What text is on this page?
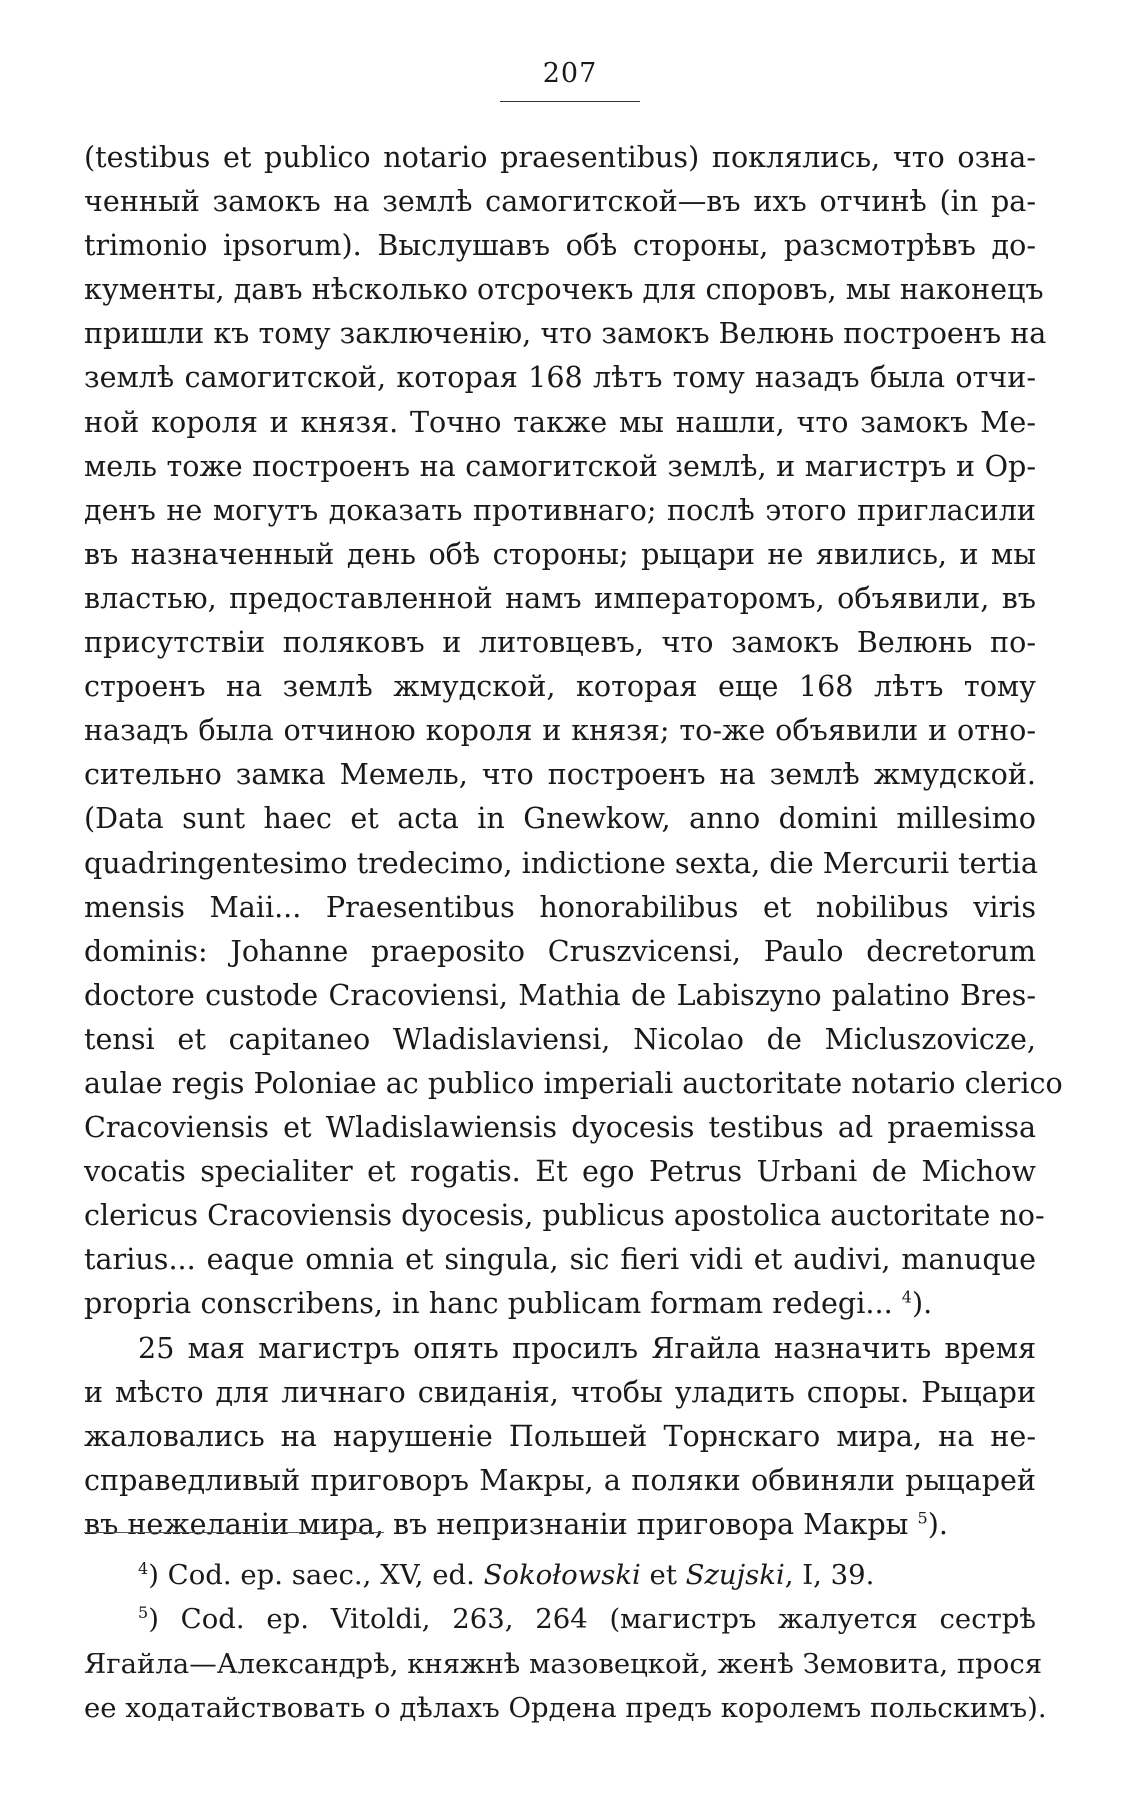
207
(testibus et publico notario praesentibus) поклялись, что озна-
ченный замокъ на землѣ самогитской—въ ихъ отчинѣ (in pa-
trimonio ipsorum). Выслушавъ обѣ стороны, разсмотрѣвъ до-
кументы, давъ нѣсколько отсрочекъ для споровъ, мы наконецъ
пришли къ тому заключенію, что замокъ Велюнь построенъ на
землѣ самогитской, которая 168 лѣтъ тому назадъ была отчи-
ной короля и князя. Точно также мы нашли, что замокъ Ме-
мель тоже построенъ на самогитской землѣ, и магистръ и Ор-
денъ не могутъ доказать противнаго; послѣ этого пригласили
въ назначенный день обѣ стороны; рыцари не явились, и мы
властью, предоставленной намъ императоромъ, объявили, въ
присутствіи поляковъ и литовцевъ, что замокъ Велюнь по-
строенъ на землѣ жмудской, которая еще 168 лѣтъ тому
назадъ была отчиною короля и князя; то-же объявили и отно-
сительно замка Мемель, что построенъ на землѣ жмудской.
(Data sunt haec et acta in Gnewkow, anno domini millesimo
quadringentesimo tredecimo, indictione sexta, die Mercurii tertia
mensis Maii... Praesentibus honorabilibus et nobilibus viris
dominis: Johanne praeposito Cruszvicensi, Paulo decretorum
doctore custode Cracoviensi, Mathia de Labiszyno palatino Bres-
tensi et capitaneo Wladislaviensi, Nicolao de Micluszovicze,
aulae regis Poloniae ac publico imperiali auctoritate notario clerico
Cracoviensis et Wladislawiensis dyocesis testibus ad praemissa
vocatis specialiter et rogatis. Et ego Petrus Urbani de Michow
clericus Cracoviensis dyocesis, publicus apostolica auctoritate no-
tarius... eaque omnia et singula, sic fieri vidi et audivi, manuque
propria conscribens, in hanc publicam formam redegi... $^4$).
25 мая магистръ опять просилъ Ягайла назначить время
и мѣсто для личнаго свиданія, чтобы уладить споры. Рыцари
жаловались на нарушеніе Польшей Торнскаго мира, на не-
справедливый приговоръ Макры, а поляки обвиняли рыцарей
въ нежеланіи мира, въ непризнаніи приговора Макры $^5$).
$^4$) Cod. ep. saec., XV, ed. Sokołowski et Szujski, I, 39.
$^5$) Cod. ep. Vitoldi, 263, 264 (магистръ жалуется сестрѣ
Ягайла—Александрѣ, княжнѣ мазовецкой, женѣ Земовита, прося
ее ходатайствовать о дѣлахъ Ордена предъ королемъ польскимъ).
